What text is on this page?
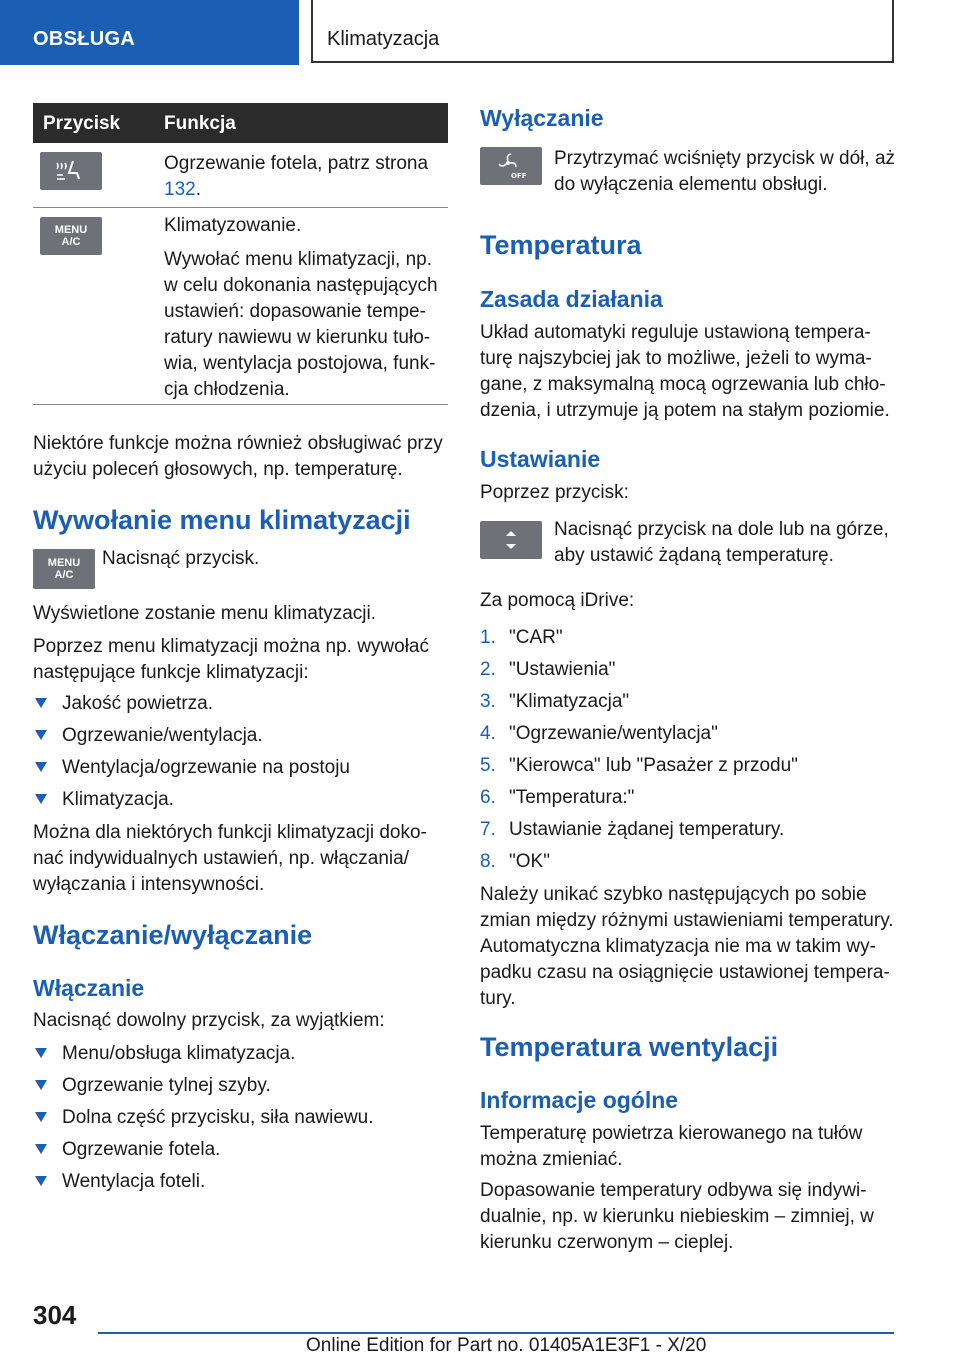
OBSŁUGA	Klimatyzacja
Przycisk Funkcja
Ogrzewanie fotela, patrz strona 132.
MENU
A/C
Klimatyzowanie.
Wywołać menu klimatyzacji, np.
w celu dokonania następujących
ustawień: dopasowanie tempe-
ratury nawiewu w kierunku tuło-
wia, wentylacja postojowa, funk-
cja chłodzenia.

Niektóre funkcje można również obsługiwać przy
użyciu poleceń głosowych, np. temperaturę.

Wywołanie menu klimatyzacji
MENU
A/C

Nacisnąć przycisk.

Wyświetlone zostanie menu klimatyzacji.

Poprzez menu klimatyzacji można np. wywołać
następujące funkcje klimatyzacji:

Jakość powietrza.
Ogrzewanie/wentylacja.
Wentylacja/ogrzewanie na postoju
Klimatyzacja.

Można dla niektórych funkcji klimatyzacji doko-
nać indywidualnych ustawień, np. włączania/
wyłączania i intensywności.

Włączanie/wyłączanie
Włączanie

Nacisnąć dowolny przycisk, za wyjątkiem:

Menu/obsługa klimatyzacja.
Ogrzewanie tylnej szyby.
Dolna część przycisku, siła nawiewu.
Ogrzewanie fotela.
Wentylacja foteli.
Wyłączanie
OFF

Przytrzymać wciśnięty przycisk w dół, aż
do wyłączenia elementu obsługi.

Temperatura
Zasada działania

Układ automatyki reguluje ustawioną tempera-
turę najszybciej jak to możliwe, jeżeli to wyma-
gane, z maksymalną mocą ogrzewania lub chło-
dzenia, i utrzymuje ją potem na stałym poziomie.

Ustawianie

Poprzez przycisk:

Nacisnąć przycisk na dole lub na górze,
aby ustawić żądaną temperaturę.

Za pomocą iDrive:

1. "CAR"
2. "Ustawienia"
3. "Klimatyzacja"
4. "Ogrzewanie/wentylacja"
5. "Kierowca" lub "Pasażer z przodu"
6. "Temperatura:"
7. Ustawianie żądanej temperatury.
8. "OK"

Należy unikać szybko następujących po sobie
zmian między różnymi ustawieniami temperatury.
Automatyczna klimatyzacja nie ma w takim wy-
padku czasu na osiągnięcie ustawionej tempera-
tury.

Temperatura wentylacji
Informacje ogólne

Temperaturę powietrza kierowanego na tułów
można zmieniać.

Dopasowanie temperatury odbywa się indywi-
dualnie, np. w kierunku niebieskim – zimniej, w
kierunku czerwonym – cieplej.

304
Online Edition for Part no. 01405A1E3F1 - X/20
